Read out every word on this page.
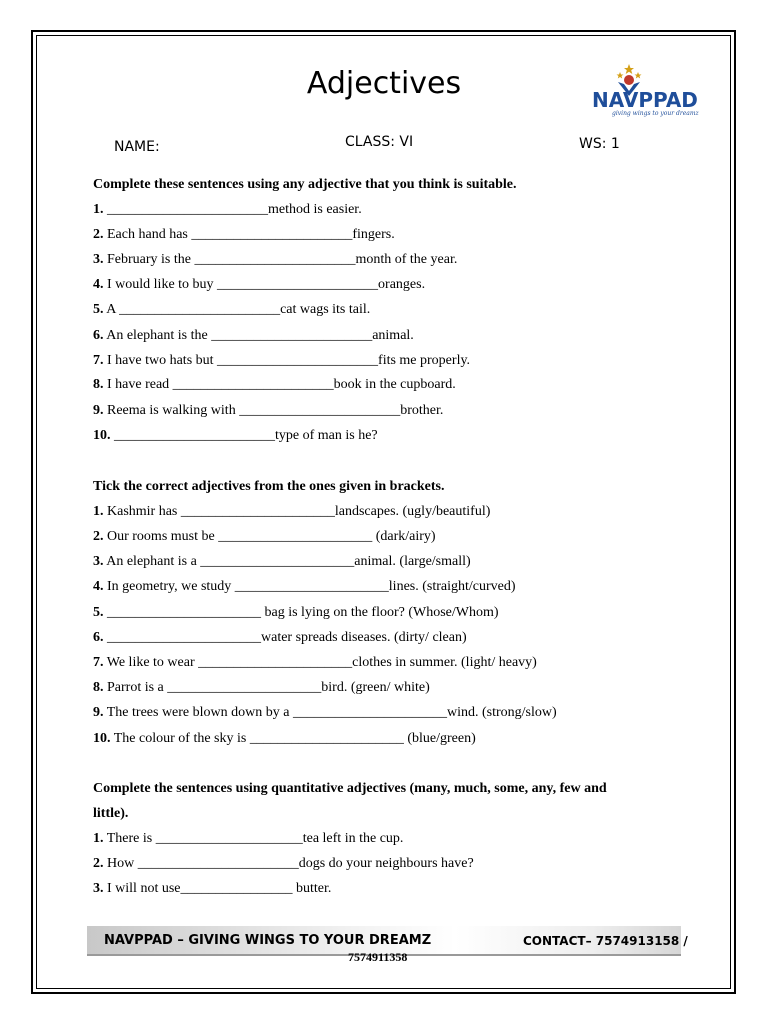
Adjectives	NAVPPAD
giving wings to your dreamz
NAME:	CLASS: VI	WS: 1
Complete these sentences using any adjective that you think is suitable.
1. _______________________method is easier.
2. Each hand has _______________________fingers.
3. February is the _______________________month of the year.
4. I would like to buy _______________________oranges.
5. A _______________________cat wags its tail.
6. An elephant is the _______________________animal.
7. I have two hats but _______________________fits me properly.
8. I have read _______________________book in the cupboard.
9. Reema is walking with _______________________brother.
10. _______________________type of man is he?
Tick the correct adjectives from the ones given in brackets.
1. Kashmir has ______________________landscapes. (ugly/beautiful)
2. Our rooms must be ______________________ (dark/airy)
3. An elephant is a ______________________animal. (large/small)
4. In geometry, we study ______________________lines. (straight/curved)
5. ______________________ bag is lying on the floor? (Whose/Whom)
6. ______________________water spreads diseases. (dirty/ clean)
7. We like to wear ______________________clothes in summer. (light/ heavy)
8. Parrot is a ______________________bird. (green/ white)
9. The trees were blown down by a ______________________wind. (strong/slow)
10. The colour of the sky is ______________________ (blue/green)
Complete the sentences using quantitative adjectives (many, much, some, any, few and
little).
1. There is _____________________tea left in the cup.
2. How _______________________dogs do your neighbours have?
3. I will not use________________ butter.
NAVPPAD – GIVING WINGS TO YOUR DREAMZ	CONTACT– 7574913158 /
7574911358
